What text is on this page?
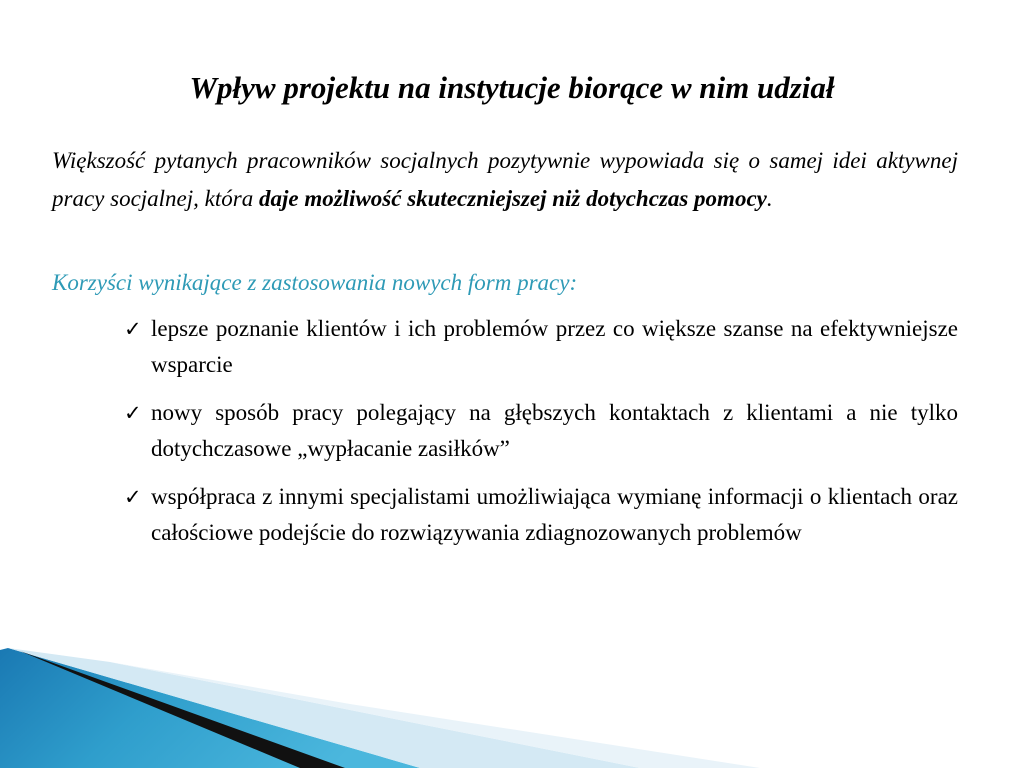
Wpływ projektu na instytucje biorące w nim udział

Większość pytanych pracowników socjalnych pozytywnie wypowiada się o samej idei aktywnej pracy socjalnej, która daje możliwość skuteczniejszej niż dotychczas pomocy.

Korzyści wynikające z zastosowania nowych form pracy:

✓ lepsze poznanie klientów i ich problemów przez co większe szanse na efektywniejsze wsparcie
✓ nowy sposób pracy polegający na głębszych kontaktach z klientami a nie tylko dotychczasowe „wypłacanie zasiłków”
✓ współpraca z innymi specjalistami umożliwiająca wymianę informacji o klientach oraz całościowe podejście do rozwiązywania zdiagnozowanych problemów
